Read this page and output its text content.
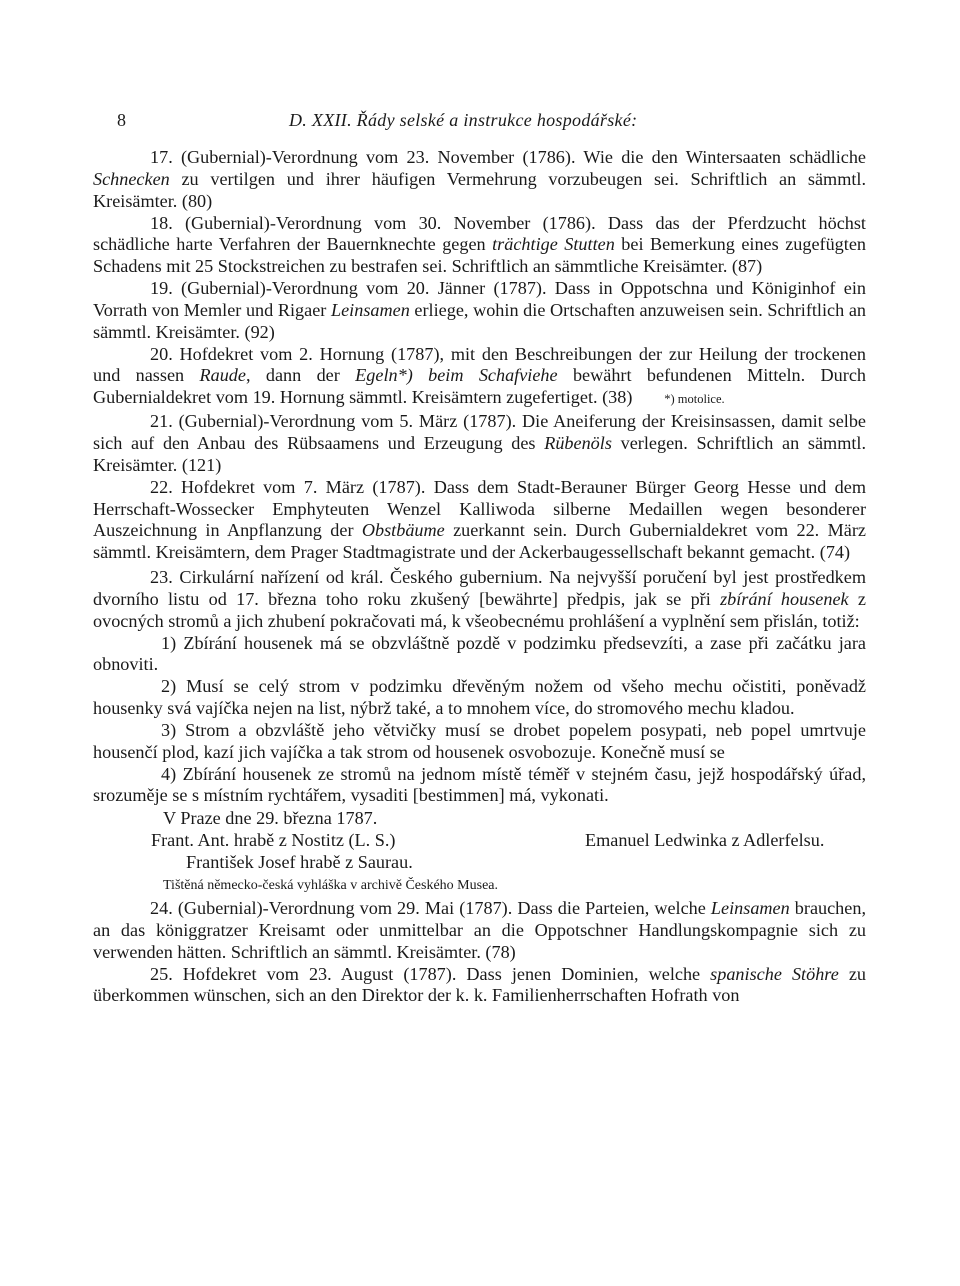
8	D. XXII. Řády selské a instrukce hospodářské:

17. (Gubernial)-Verordnung vom 23. November (1786). Wie die den Wintersaaten schädliche Schnecken zu vertilgen und ihrer häufigen Vermehrung vorzubeugen sei. Schriftlich an sämmtl. Kreisämter. (80)

18. (Gubernial)-Verordnung vom 30. November (1786). Dass das der Pferdzucht höchst schädliche harte Verfahren der Bauernknechte gegen trächtige Stutten bei Bemerkung eines zugefügten Schadens mit 25 Stockstreichen zu bestrafen sei. Schriftlich an sämmtliche Kreisämter. (87)

19. (Gubernial)-Verordnung vom 20. Jänner (1787). Dass in Oppotschna und Königinhof ein Vorrath von Memler und Rigaer Leinsamen erliege, wohin die Ortschaften anzuweisen sein. Schriftlich an sämmtl. Kreisämter. (92)

20. Hofdekret vom 2. Hornung (1787), mit den Beschreibungen der zur Heilung der trockenen und nassen Raude, dann der Egeln*) beim Schafviehe bewährt befundenen Mitteln. Durch Gubernialdekret vom 19. Hornung sämmtl. Kreisämtern zugefertiget. (38)	*) motolice.

21. (Gubernial)-Verordnung vom 5. März (1787). Die Aneiferung der Kreisinsassen, damit selbe sich auf den Anbau des Rübsaamens und Erzeugung des Rübenöls verlegen. Schriftlich an sämmtl. Kreisämter. (121)

22. Hofdekret vom 7. März (1787). Dass dem Stadt-Berauner Bürger Georg Hesse und dem Herrschaft-Wossecker Emphyteuten Wenzel Kalliwoda silberne Medaillen wegen besonderer Auszeichnung in Anpflanzung der Obstbäume zuerkannt sein. Durch Gubernialdekret vom 22. März sämmtl. Kreisämtern, dem Prager Stadtmagistrate und der Ackerbaugessellschaft bekannt gemacht. (74)

23. Cirkulární nařízení od král. Českého gubernium. Na nejvyšší poručení byl jest prostředkem dvorního listu od 17. března toho roku zkušený [bewährte] předpis, jak se při zbírání housenek z ovocných stromů a jich zhubení pokračovati má, k všeobecnému prohlášení a vyplnění sem přislán, totiž:

1) Zbírání housenek má se obzvláštně pozdě v podzimku předsevzíti, a zase při začátku jara obnoviti.

2) Musí se celý strom v podzimku dřevěným nožem od všeho mechu očistiti, poněvadž housenky svá vajíčka nejen na list, nýbrž také, a to mnohem více, do stromového mechu kladou.

3) Strom a obzvláště jeho větvičky musí se drobet popelem posypati, neb popel umrtvuje housenčí plod, kazí jich vajíčka a tak strom od housenek osvobozuje. Konečně musí se

4) Zbírání housenek ze stromů na jednom místě téměř v stejném času, jejž hospodářský úřad, srozuměje se s místním rychtářem, vysaditi [bestimmen] má, vykonati.

V Praze dne 29. března 1787.

Frant. Ant. hrabě z Nostitz (L. S.)	Emanuel Ledwinka z Adlerfelsu.

František Josef hrabě z Saurau.

Tištěná německo-česká vyhláška v archivě Českého Musea.

24. (Gubernial)-Verordnung vom 29. Mai (1787). Dass die Parteien, welche Leinsamen brauchen, an das königgratzer Kreisamt oder unmittelbar an die Oppotschner Handlungskompagnie sich zu verwenden hätten. Schriftlich an sämmtl. Kreisämter. (78)

25. Hofdekret vom 23. August (1787). Dass jenen Dominien, welche spanische Stöhre zu überkommen wünschen, sich an den Direktor der k. k. Familienherrschaften Hofrath von
